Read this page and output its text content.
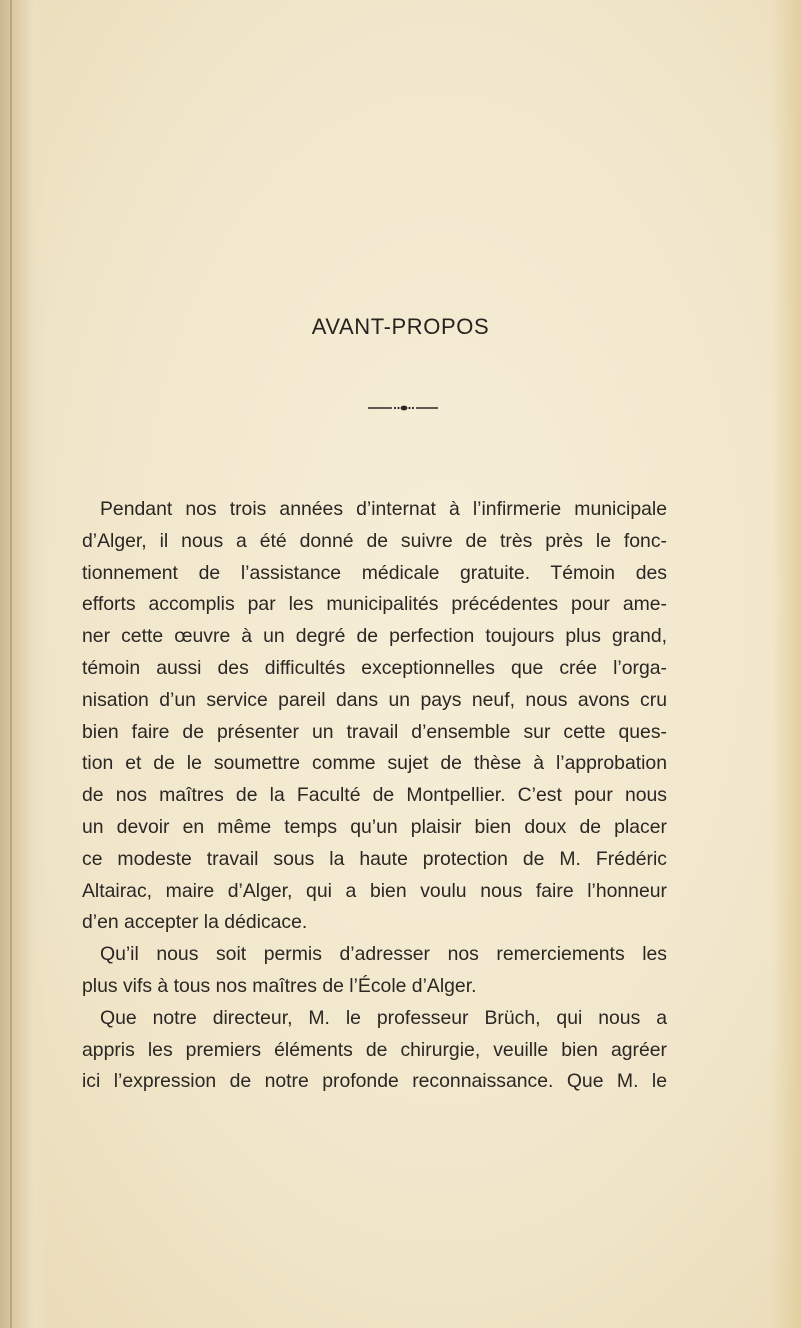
AVANT-PROPOS
Pendant nos trois années d’internat à l’infirmerie municipale
d’Alger, il nous a été donné de suivre de très près le fonc-
tionnement de l’assistance médicale gratuite. Témoin des
efforts accomplis par les municipalités précédentes pour ame-
ner cette œuvre à un degré de perfection toujours plus grand,
témoin aussi des difficultés exceptionnelles que crée l’orga-
nisation d’un service pareil dans un pays neuf, nous avons cru
bien faire de présenter un travail d’ensemble sur cette ques-
tion et de le soumettre comme sujet de thèse à l’approbation
de nos maîtres de la Faculté de Montpellier. C’est pour nous
un devoir en même temps qu’un plaisir bien doux de placer
ce modeste travail sous la haute protection de M. Frédéric
Altairac, maire d’Alger, qui a bien voulu nous faire l’honneur
d’en accepter la dédicace.
Qu’il nous soit permis d’adresser nos remerciements les
plus vifs à tous nos maîtres de l’École d’Alger.
Que notre directeur, M. le professeur Brüch, qui nous a
appris les premiers éléments de chirurgie, veuille bien agréer
ici l’expression de notre profonde reconnaissance. Que M. le
